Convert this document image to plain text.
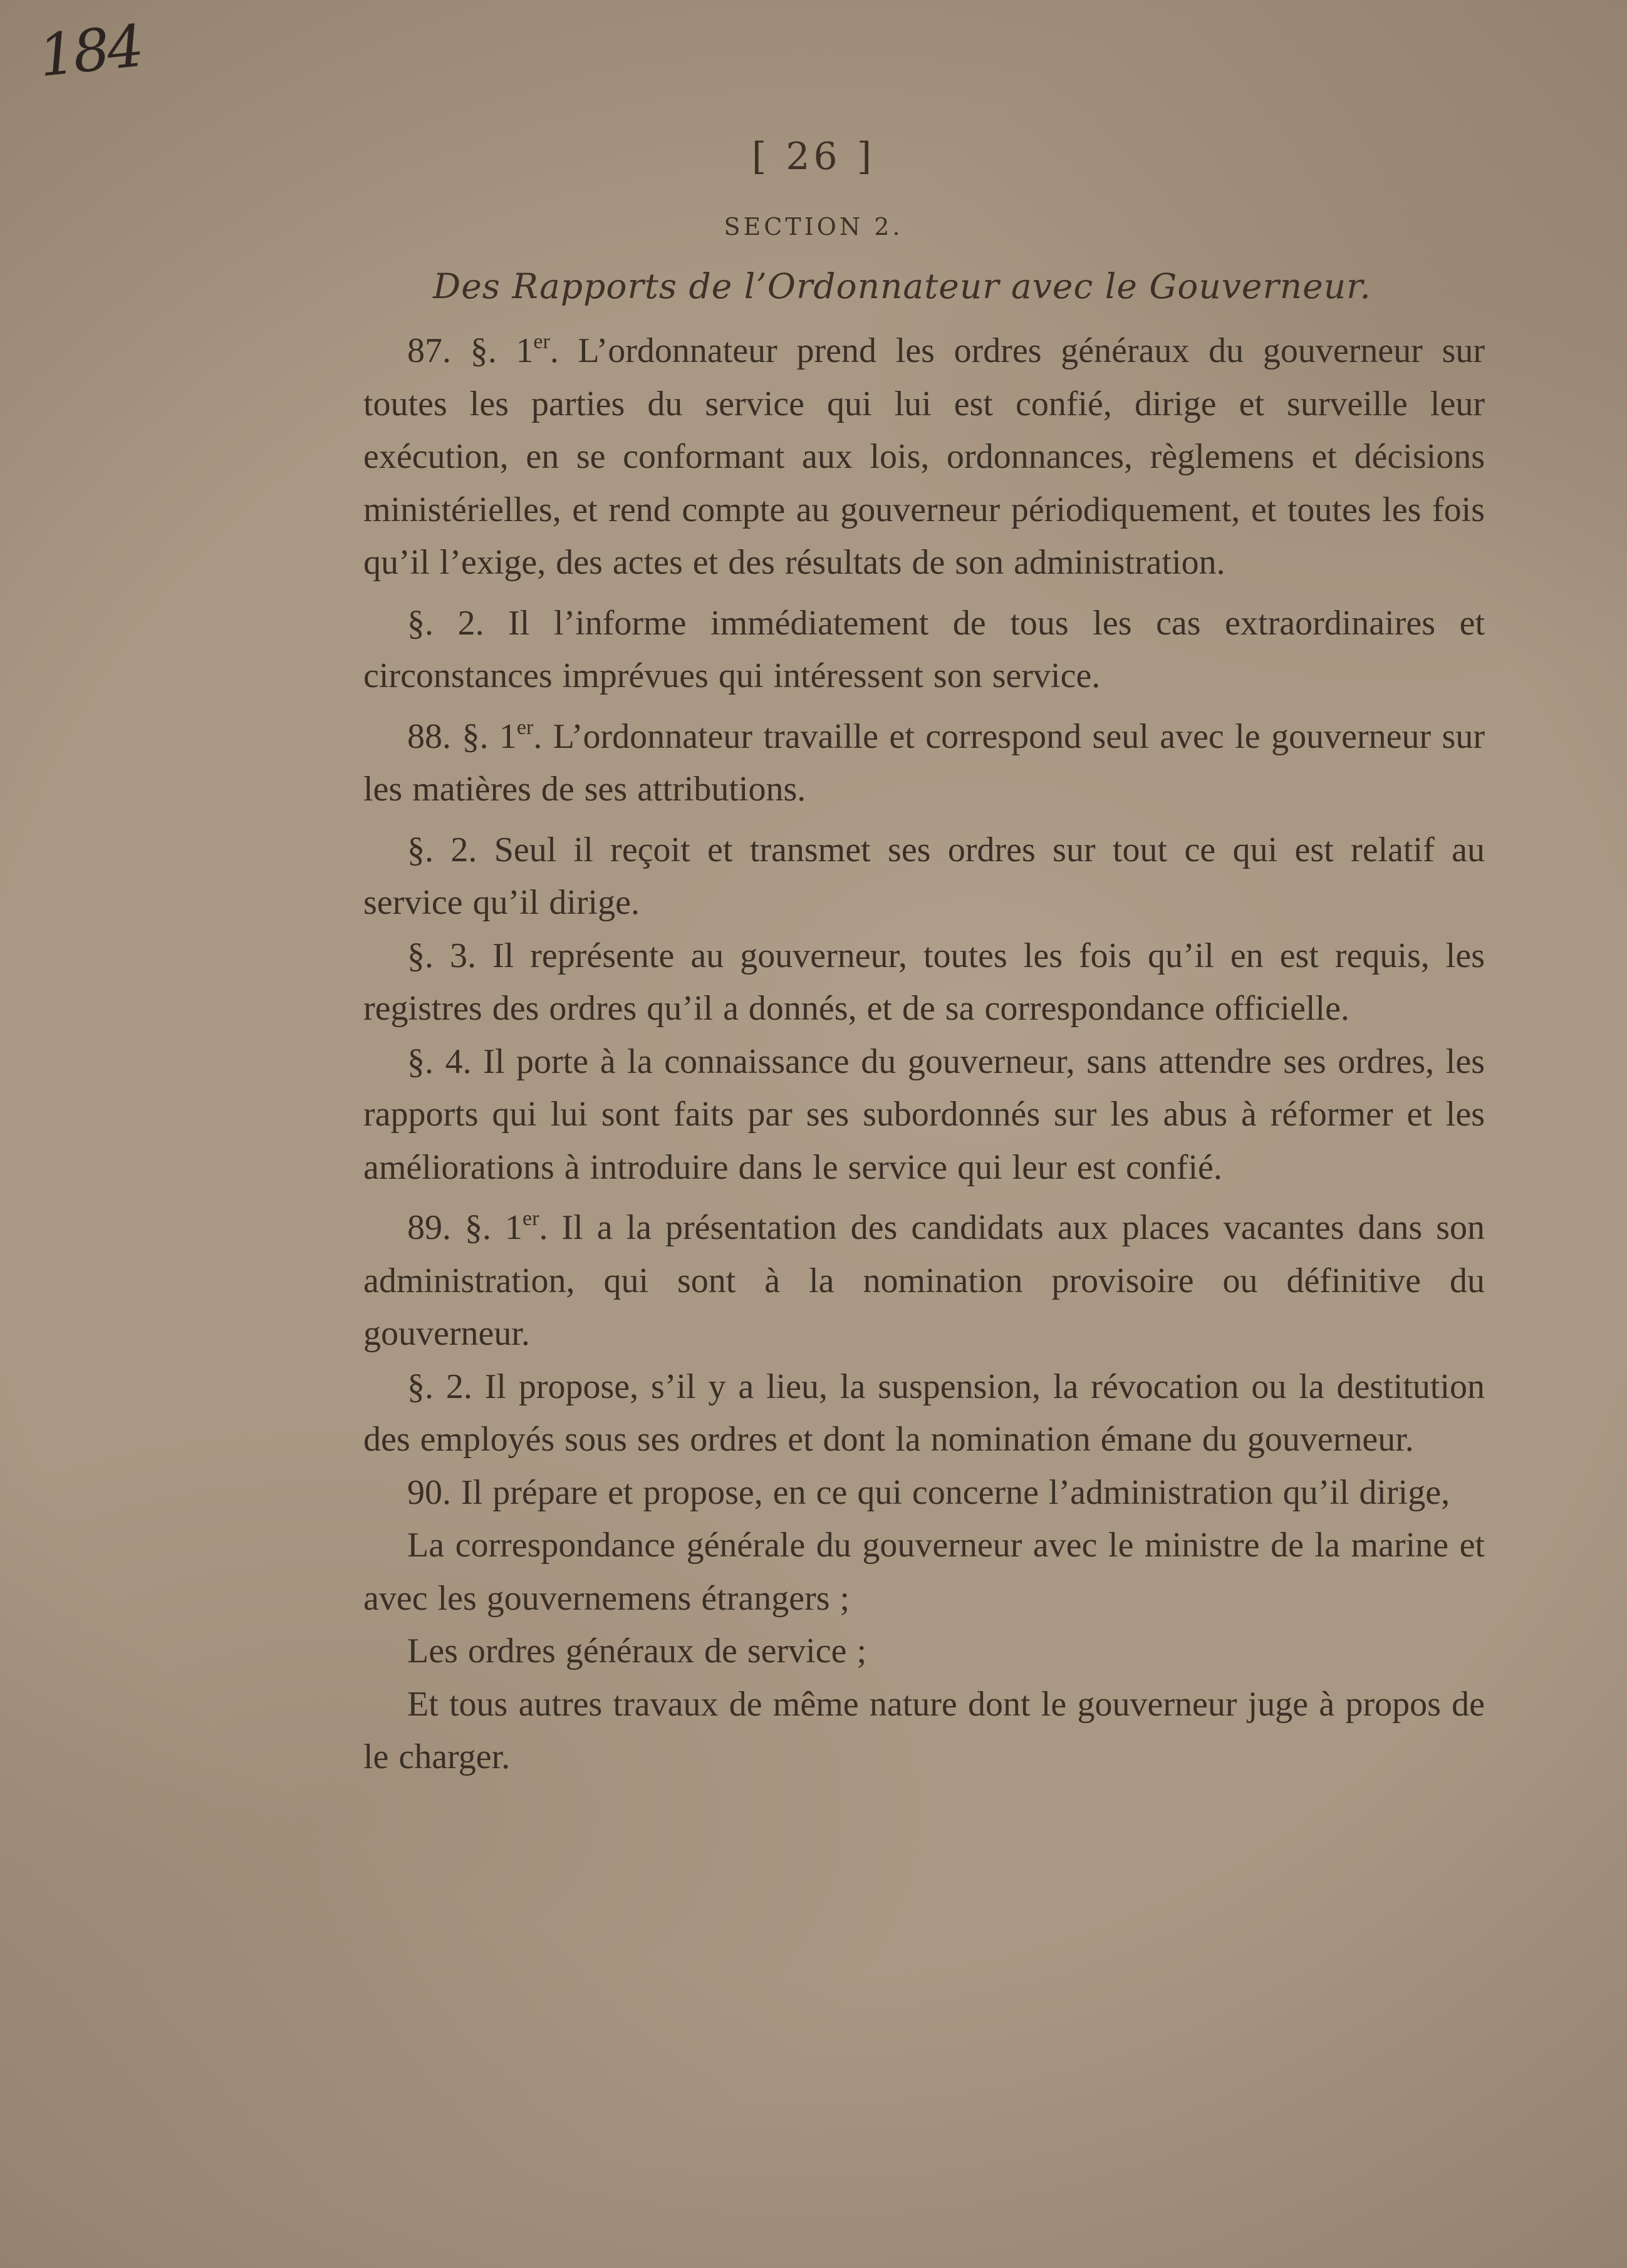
184
[ 26 ]
SECTION 2.
Des Rapports de l’Ordonnateur avec le Gouverneur.

87. §. 1er. L’ordonnateur prend les ordres généraux du gouverneur sur toutes les parties du service qui lui est confié, dirige et surveille leur exécution, en se conformant aux lois, ordonnances, règlemens et décisions ministérielles, et rend compte au gouverneur périodiquement, et toutes les fois qu’il l’exige, des actes et des résultats de son administration.

§. 2. Il l’informe immédiatement de tous les cas extraordinaires et circonstances imprévues qui intéressent son service.

88. §. 1er. L’ordonnateur travaille et correspond seul avec le gouverneur sur les matières de ses attributions.

§. 2. Seul il reçoit et transmet ses ordres sur tout ce qui est relatif au service qu’il dirige.

§. 3. Il représente au gouverneur, toutes les fois qu’il en est requis, les registres des ordres qu’il a donnés, et de sa correspondance officielle.

§. 4. Il porte à la connaissance du gouverneur, sans attendre ses ordres, les rapports qui lui sont faits par ses subordonnés sur les abus à réformer et les améliorations à introduire dans le service qui leur est confié.

89. §. 1er. Il a la présentation des candidats aux places vacantes dans son administration, qui sont à la nomination provisoire ou définitive du gouverneur.

§. 2. Il propose, s’il y a lieu, la suspension, la révocation ou la destitution des employés sous ses ordres et dont la nomination émane du gouverneur.

90. Il prépare et propose, en ce qui concerne l’administration qu’il dirige,

La correspondance générale du gouverneur avec le ministre de la marine et avec les gouvernemens étrangers ;

Les ordres généraux de service ;

Et tous autres travaux de même nature dont le gouverneur juge à propos de le charger.
